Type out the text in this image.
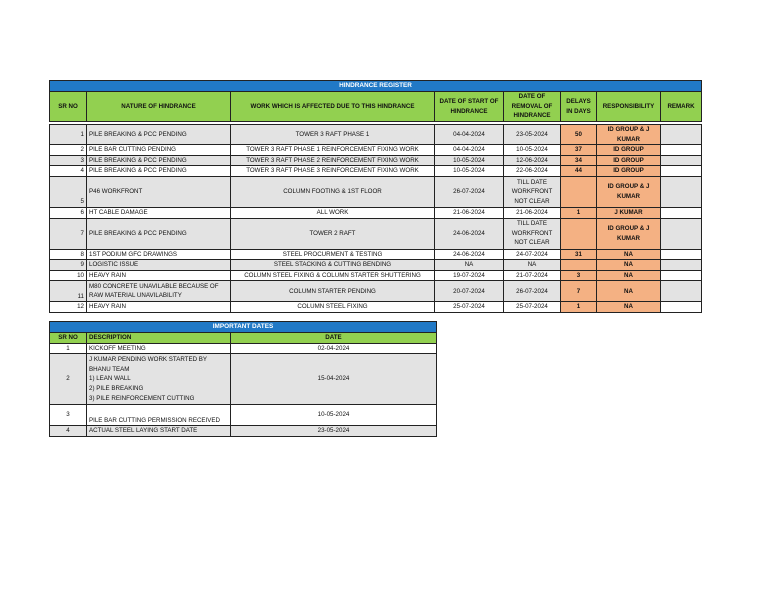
HINDRANCE REGISTER							
SR NO	NATURE OF HINDRANCE	WORK WHICH IS AFFECTED DUE TO THIS HINDRANCE	DATE OF START OF HINDRANCE	DATE OF REMOVAL OF HINDRANCE	DELAYS IN DAYS	RESPONSIBILITY	REMARK

1	PILE BREAKING & PCC PENDING	TOWER 3 RAFT PHASE 1	04-04-2024	23-05-2024	50	ID GROUP & J KUMAR	
2	PILE BAR CUTTING PENDING	TOWER 3 RAFT PHASE 1 REINFORCEMENT FIXING WORK	04-04-2024	10-05-2024	37	ID GROUP	
3	PILE BREAKING & PCC PENDING	TOWER 3 RAFT PHASE 2 REINFORCEMENT FIXING WORK	10-05-2024	12-06-2024	34	ID GROUP	
4	PILE BREAKING & PCC PENDING	TOWER 3 RAFT PHASE 3 REINFORCEMENT FIXING WORK	10-05-2024	22-06-2024	44	ID GROUP	
5	P46 WORKFRONT	COLUMN FOOTING & 1ST FLOOR	26-07-2024	TILL DATE WORKFRONT NOT CLEAR		ID GROUP & J KUMAR	
6	HT CABLE DAMAGE	ALL WORK	21-06-2024	21-06-2024	1	J KUMAR	
7	PILE BREAKING & PCC PENDING	TOWER 2 RAFT	24-06-2024	TILL DATE WORKFRONT NOT CLEAR		ID GROUP & J KUMAR	
8	1ST PODIUM GFC DRAWINGS	STEEL PROCURMENT & TESTING	24-06-2024	24-07-2024	31	NA	
9	LOGISTIC ISSUE	STEEL STACKING & CUTTING BENDING	NA	NA		NA	
10	HEAVY RAIN	COLUMN STEEL FIXING & COLUMN STARTER SHUTTERING	19-07-2024	21-07-2024	3	NA	
11	M80 CONCRETE UNAVILABLE BECAUSE OF RAW MATERIAL UNAVILABILITY	COLUMN STARTER PENDING	20-07-2024	26-07-2024	7	NA	
12	HEAVY RAIN	COLUMN STEEL FIXING	25-07-2024	25-07-2024	1	NA	
IMPORTANT DATES		
SR NO	DESCRIPTION	DATE
1	KICKOFF MEETING	02-04-2024
2	J KUMAR PENDING WORK STARTED BY BHANU TEAM
1) LEAN WALL
2) PILE BREAKING
3) PILE REINFORCEMENT CUTTING	15-04-2024
3	PILE BAR CUTTING PERMISSION RECEIVED	10-05-2024
4	ACTUAL STEEL LAYING START DATE	23-05-2024
